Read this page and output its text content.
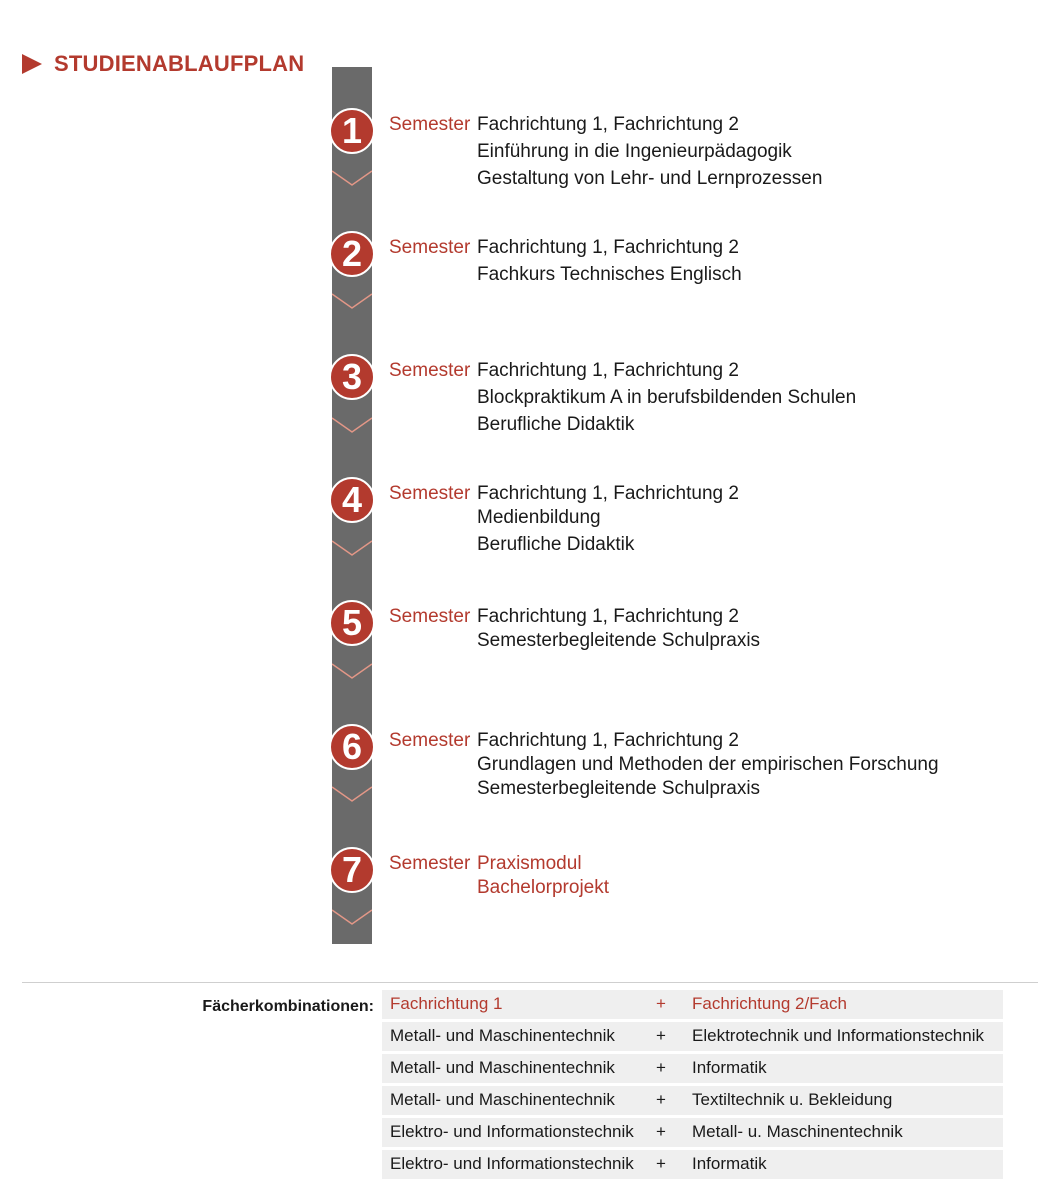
STUDIENABLAUFPLAN
1	Semester Fachrichtung 1, Fachrichtung 2
Einführung in die Ingenieurpädagogik
Gestaltung von Lehr- und Lernprozessen
2	Semester Fachrichtung 1, Fachrichtung 2
Fachkurs Technisches Englisch
3	Semester Fachrichtung 1, Fachrichtung 2
Blockpraktikum A in berufsbildenden Schulen
Berufliche Didaktik
4	Semester Fachrichtung 1, Fachrichtung 2
Medienbildung
Berufliche Didaktik
5	Semester Fachrichtung 1, Fachrichtung 2
Semesterbegleitende Schulpraxis
6	Semester Fachrichtung 1, Fachrichtung 2
Grundlagen und Methoden der empirischen Forschung
Semesterbegleitende Schulpraxis
7	Semester Praxismodul
Bachelorprojekt
Fächerkombinationen: Fachrichtung 1	+ Fachrichtung 2/Fach
Metall- und Maschinentechnik + Elektrotechnik und Informationstechnik
Metall- und Maschinentechnik + Informatik
Metall- und Maschinentechnik + Textiltechnik u. Bekleidung
Elektro- und Informationstechnik + Metall- u. Maschinentechnik
Elektro- und Informationstechnik + Informatik
